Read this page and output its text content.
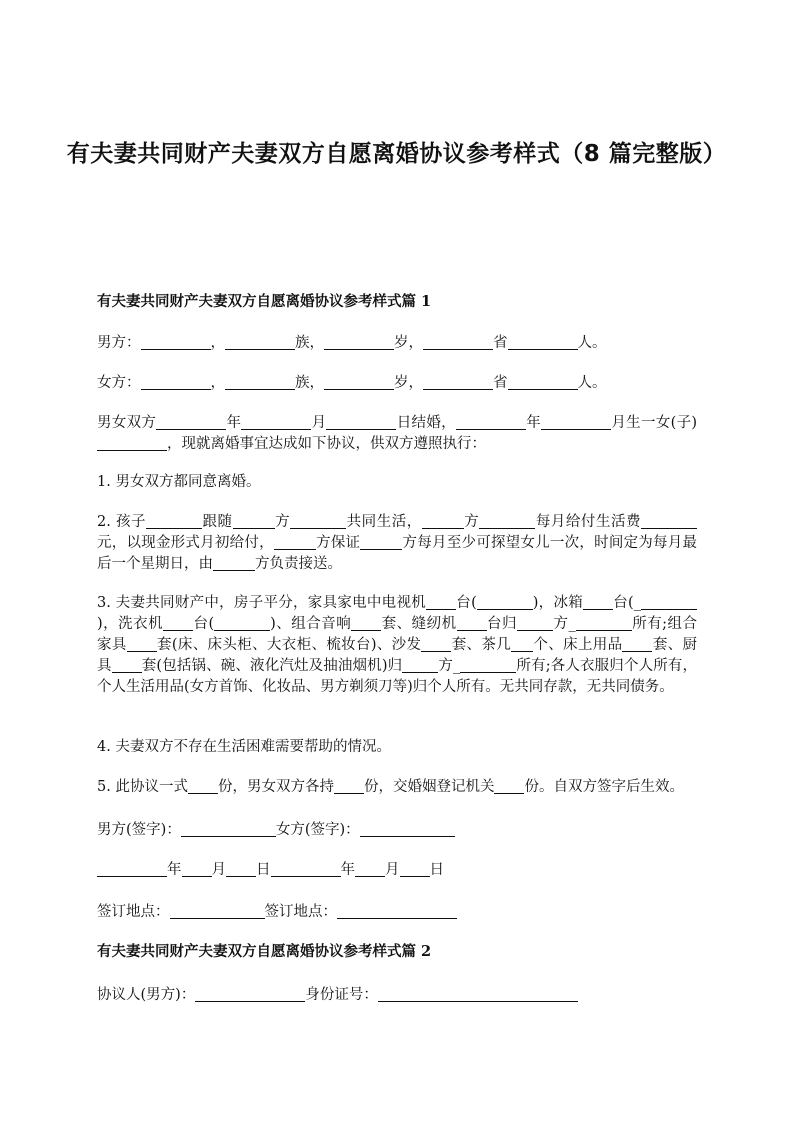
有夫妻共同财产夫妻双方自愿离婚协议参考样式（8 篇完整版）
有夫妻共同财产夫妻双方自愿离婚协议参考样式篇 1
男方：	，	族，	岁，	省	人。
女方：	，	族，	岁，	省	人。
男女双方	年	月	日结婚，	年	月生一女(子)，现就离婚事宜达成如下协议，供双方遵照执行：
1. 男女双方都同意离婚。
2. 孩子	跟随	方	共同生活，	方	每月给付生活费元，以现金形式月初给付，	方保证	方每月至少可探望女儿一次，时间定为每月最后一个星期日，由	方负责接送。
3. 夫妻共同财产中，房子平分，家具家电中电视机 台(	)，冰箱 台(_)，洗衣机 台(	)、组合音响 套、缝纫机 台归 方_	所有;组合家具 套(床、床头柜、大衣柜、梳妆台)、沙发 套、茶几 个、床上用品 套、厨具 套(包括锅、碗、液化汽灶及抽油烟机)归 方_	所有;各人衣服归个人所有，个人生活用品(女方首饰、化妆品、男方剃须刀等)归个人所有。无共同存款，无共同债务。
4. 夫妻双方不存在生活困难需要帮助的情况。
5. 此协议一式 份，男女双方各持 份，交婚姻登记机关 份。自双方签字后生效。
男方(签字)：	女方(签字)：
年 月 日	年 月 日
签订地点：	签订地点：
有夫妻共同财产夫妻双方自愿离婚协议参考样式篇 2
协议人(男方)：	身份证号：
